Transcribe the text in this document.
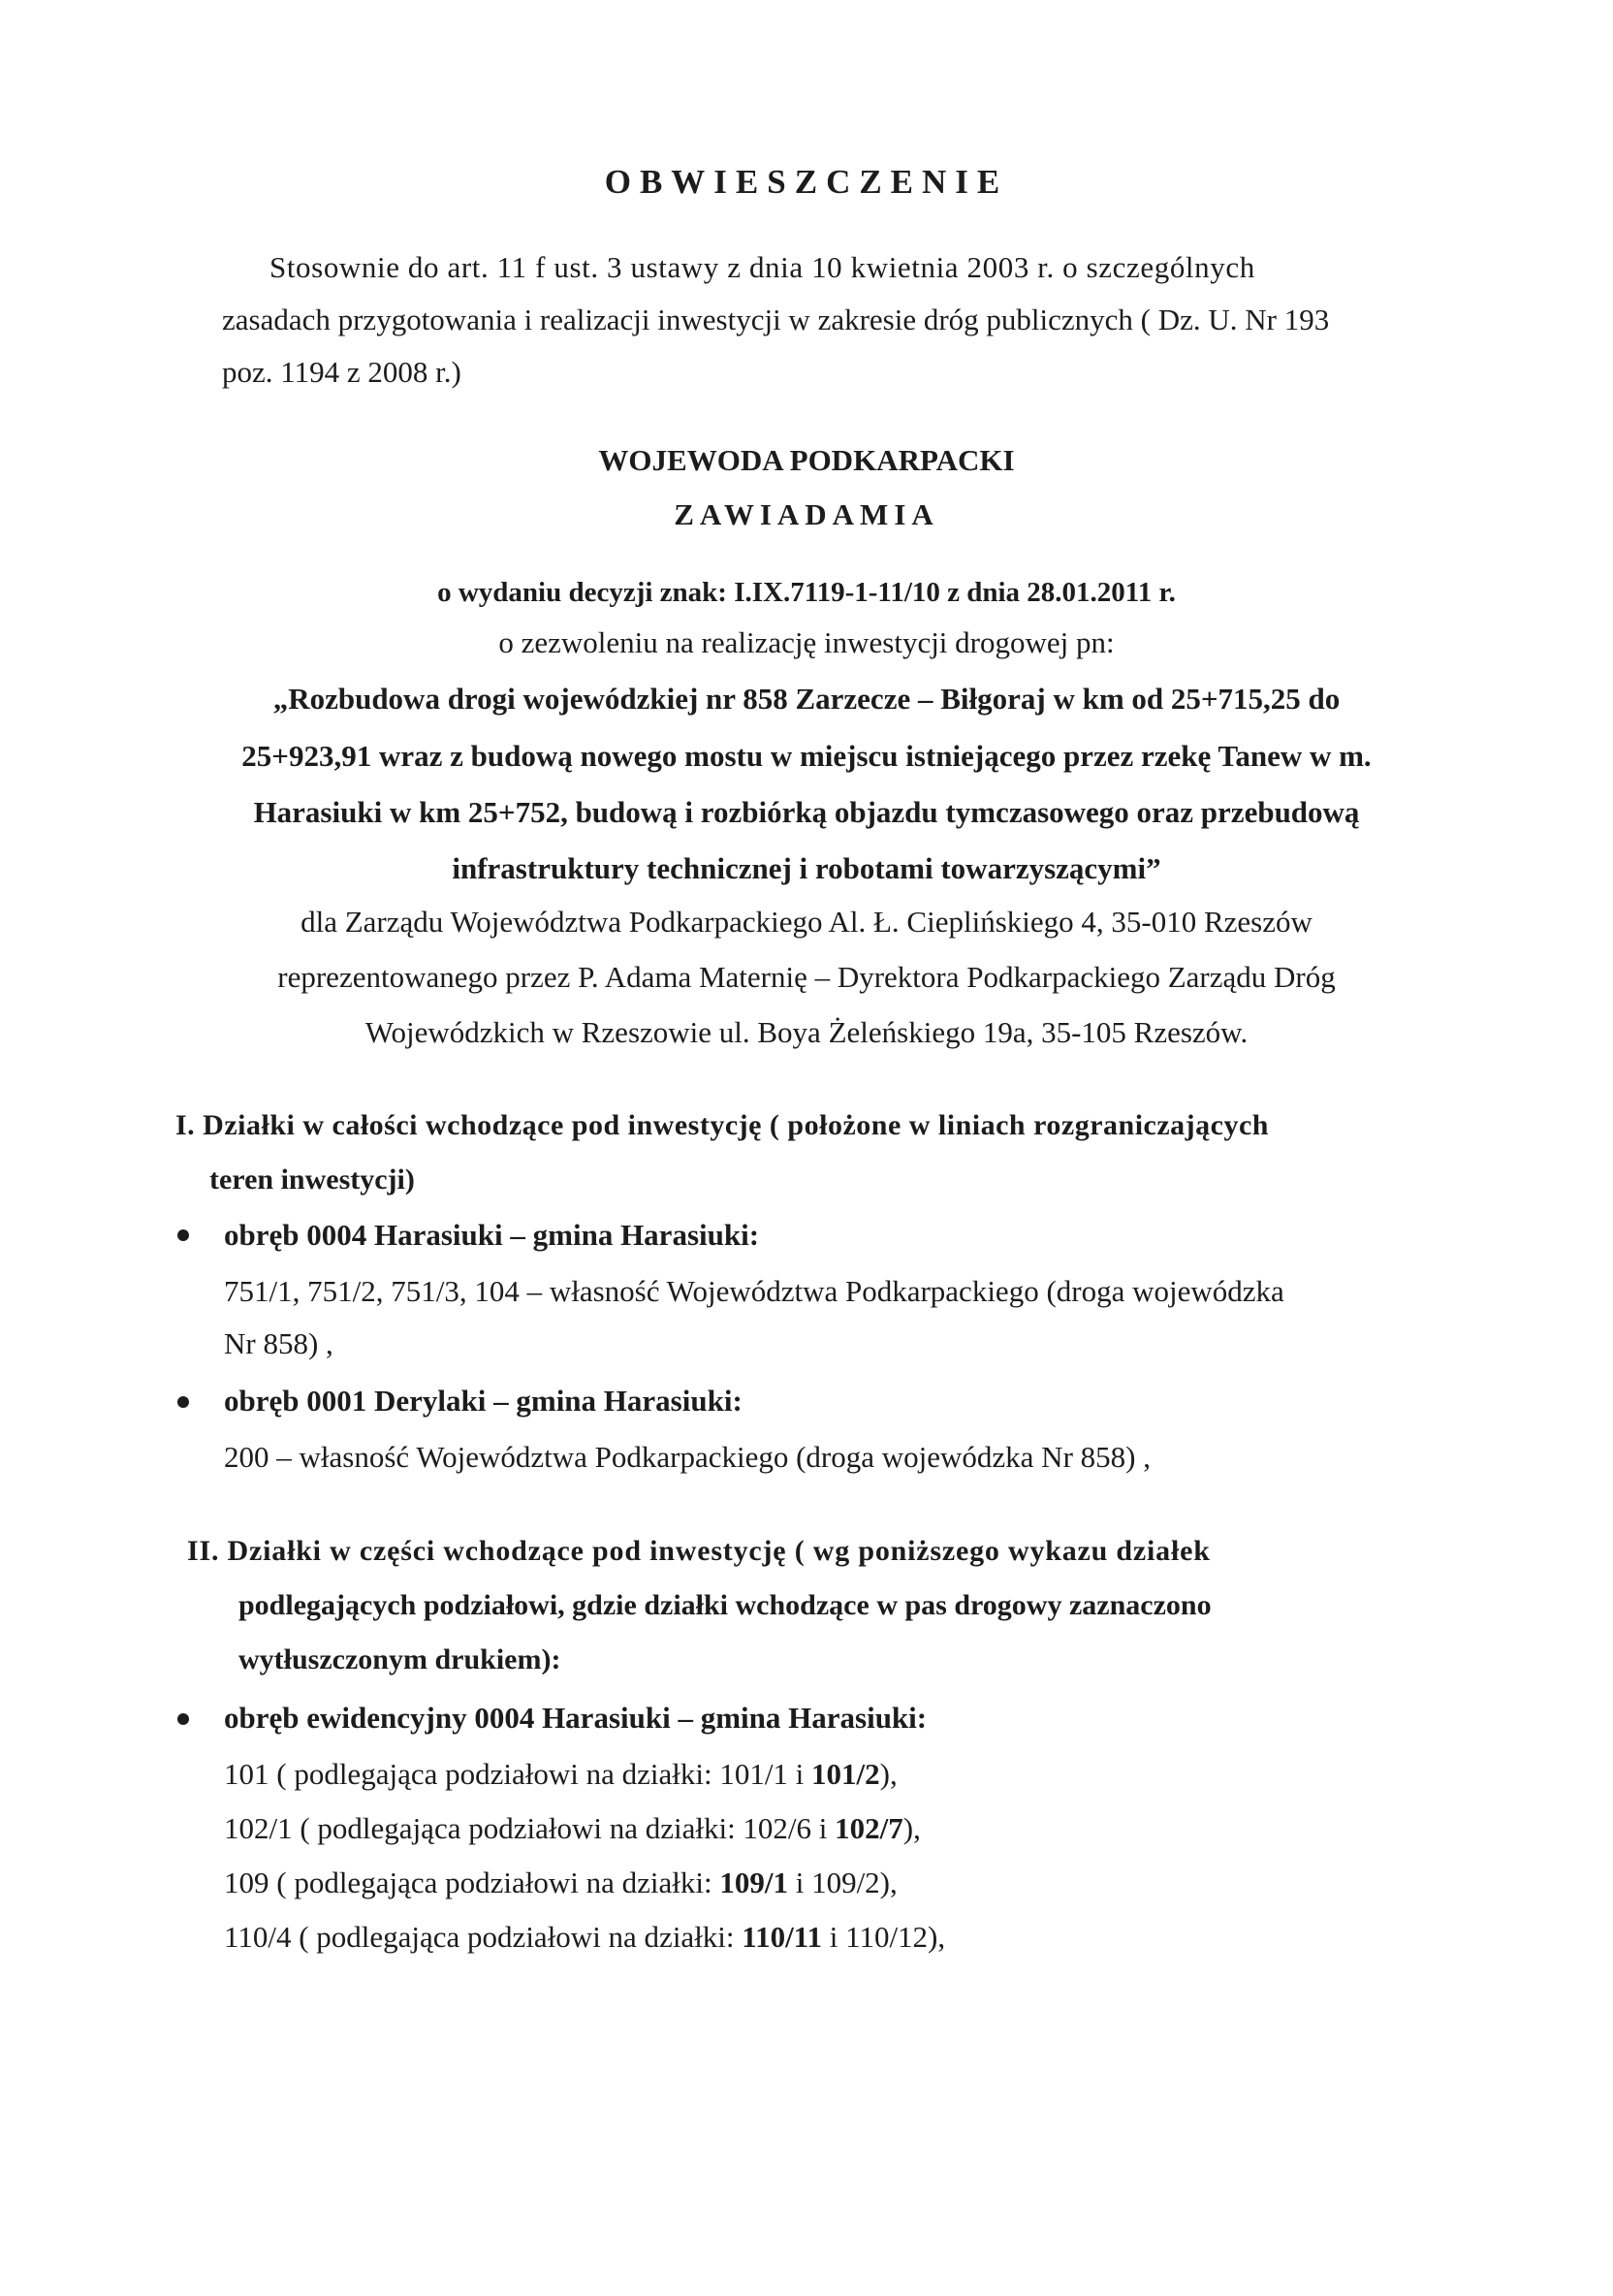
OBWIESZCZENIE
Stosownie do art. 11 f ust. 3 ustawy z dnia 10 kwietnia 2003 r. o szczególnych
zasadach przygotowania i realizacji inwestycji w zakresie dróg publicznych ( Dz. U. Nr 193
poz. 1194 z 2008 r.)
WOJEWODA PODKARPACKI
ZAWIADAMIA
o wydaniu decyzji znak: I.IX.7119-1-11/10 z dnia 28.01.2011 r.
o zezwoleniu na realizację inwestycji drogowej pn:
„Rozbudowa drogi wojewódzkiej nr 858 Zarzecze – Biłgoraj w km od 25+715,25 do
25+923,91 wraz z budową nowego mostu w miejscu istniejącego przez rzekę Tanew w m.
Harasiuki w km 25+752, budową i rozbiórką objazdu tymczasowego oraz przebudową
infrastruktury technicznej i robotami towarzyszącymi”
dla Zarządu Województwa Podkarpackiego Al. Ł. Cieplińskiego 4, 35-010 Rzeszów
reprezentowanego przez P. Adama Maternię – Dyrektora Podkarpackiego Zarządu Dróg
Wojewódzkich w Rzeszowie ul. Boya Żeleńskiego 19a, 35-105 Rzeszów.
I. Działki w całości wchodzące pod inwestycję ( położone w liniach rozgraniczających
teren inwestycji)
obręb 0004 Harasiuki – gmina Harasiuki:
751/1, 751/2, 751/3, 104 – własność Województwa Podkarpackiego (droga wojewódzka
Nr 858) ,
obręb 0001 Derylaki – gmina Harasiuki:
200 – własność Województwa Podkarpackiego (droga wojewódzka Nr 858) ,
II. Działki w części wchodzące pod inwestycję ( wg poniższego wykazu działek
podlegających podziałowi, gdzie działki wchodzące w pas drogowy zaznaczono
wytłuszczonym drukiem):
obręb ewidencyjny 0004 Harasiuki – gmina Harasiuki:
101 ( podlegająca podziałowi na działki: 101/1 i 101/2),
102/1 ( podlegająca podziałowi na działki: 102/6 i 102/7),
109 ( podlegająca podziałowi na działki: 109/1 i 109/2),
110/4 ( podlegająca podziałowi na działki: 110/11 i 110/12),
